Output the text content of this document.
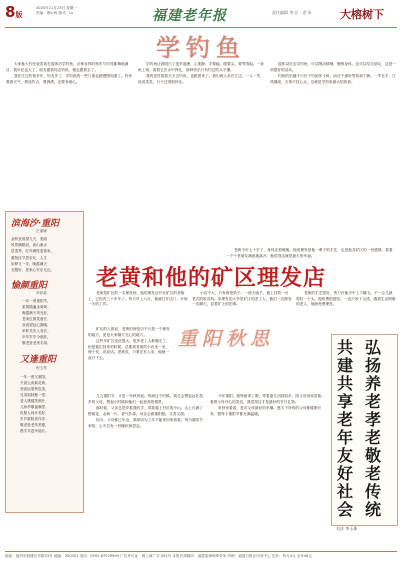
8版
2020年11月23日 星期一
责编：鲁a·杨 版式：Lu	福建老年报	责任编辑 李·汪 · 老 朱	大榕树下
学钓鱼

大家都大约比较喜欢在退休后学钓鱼，各种各样的鱼竿与钓具都琳琅满目，我年纪也大了，朋友邀我同去钓鱼，便也跟着去了。

我在江边钓鱼多年，钓友多了，学钓鱼的一些门道也就慢慢知道了。钓鱼要看天气，要选钓点，要调漂，还要有耐心。

学钓鱼让我明白了很多道理，心要静，手要稳，眼要尖，要等得起。一条鱼上钩，看着它在水中挣扎，那种快乐只有钓过的人才懂。

我的老伴看我天天去钓鱼，也跟着来了。我们两人坐在江边，一人一竿，说说笑笑，日子过得很快乐。

退休以后去学钓鱼，可以陶冶情操，锻炼身体，还可以结交朋友，这是一项很好的活动。

钓鱼的乐趣不只在于钓到多少鱼，而在于那份等待和宁静。一竿在手，江风拂面，万事不挂心头，这就是学钓鱼最大的收获。

滨海汐·重阳
庄丽娜
金秋登高望九天，美丽
风景满眼前，高山流水
显清秀，红叶满枝迎客来。
重阳佳节思亲友，人生
如梦又一年，晚霞满天
无限好，老来心安乐无边。
愉颜重阳
李如菊
一年一度重阳节，
茱萸插遍金菊黄；
晚霞满天风光好，
老来红颜笑意长；
登高望远心胸阔，
举杯共庆人寿长；
年年岁岁今朝乐，
敬老爱老美名扬。
又逢重阳
程玉琴
一年一度又重阳，
天高云淡菊花黄；
登高远望秋色美，
兄弟姐妹聚一堂；
老人康健笑颜开，
儿孙孝顺福满堂；
但愿人间多美好，
岁岁重阳喜洋洋；
敬老爱老传美德，
携手共进幸福长。
老黄和他的矿区理发店

老黄是矿区的一名理发师，他的理发店开在矿区的老街上，已经有三十多年了。每天早上六点，他就打开店门，开始一天的工作。

小店不大，只有两把椅子，一面大镜子，墙上挂着一台老式的收音机。来理发的大多是矿区的老工人，他们一边理发一边聊天，说着矿上的旧事。

老黄的手艺很好，剪刀在他手中上下翻飞，不一会儿就剪好一个头。他收费很便宜，一直只收十元钱，遇到生活困难的老人，他就免费理发。

矿区的人都说，老黄的理发店不只是一个理发的地方，更是大家聊天交心的地方。

这些年矿区变化很大，很多老工人都搬走了，但是他们回来的时候，总要到老黄的小店坐一坐，理个发，说说话。老黄说，只要还有人来，他就一直开下去。

老黄今年七十岁了，身体还很硬朗。他说理发是他一辈子的手艺，也是他对矿区的一份感情。看着一个个老朋友满意地离开，他觉得这就是最大的幸福。

重阳秋思

九九重阳节，又是一年秋风起。每到这个时候，我总会想起远在故乡的父母，想起小时候和他们一起登高的情景。

那时候，父亲总是牵着我的手，带我爬上村后的小山。山上长满了野菊花，金黄一片，香气扑鼻。母亲会做重阳糕，又香又甜。

如今，父母都已年迈，我却因为工作不能常回家看看。每当重阳节来临，心中总有一份愧疚和思念。

今年重阳，我特意请了假，带着妻儿回到故乡，陪父母登高赏菊。看着父母开心的笑容，我觉得这才是最好的节日礼物。

常回家看看，是对父母最好的孝顺。愿天下所有的父母都健康长寿，愿每个重阳节都充满温暖。

弘
扬
养
老
孝
老
敬
老
传
统
共
建
共
享
老
年
友
好
社
会
书法 李玉珠
地址：福州市鼓楼区东街33号 邮编：350001 电话：0591-87529999 广告许可证：闽工商广字 001号 本报法律顾问：福建某律师事务所 印刷：福建日报社印务中心 定价：每月4元 全年48元
